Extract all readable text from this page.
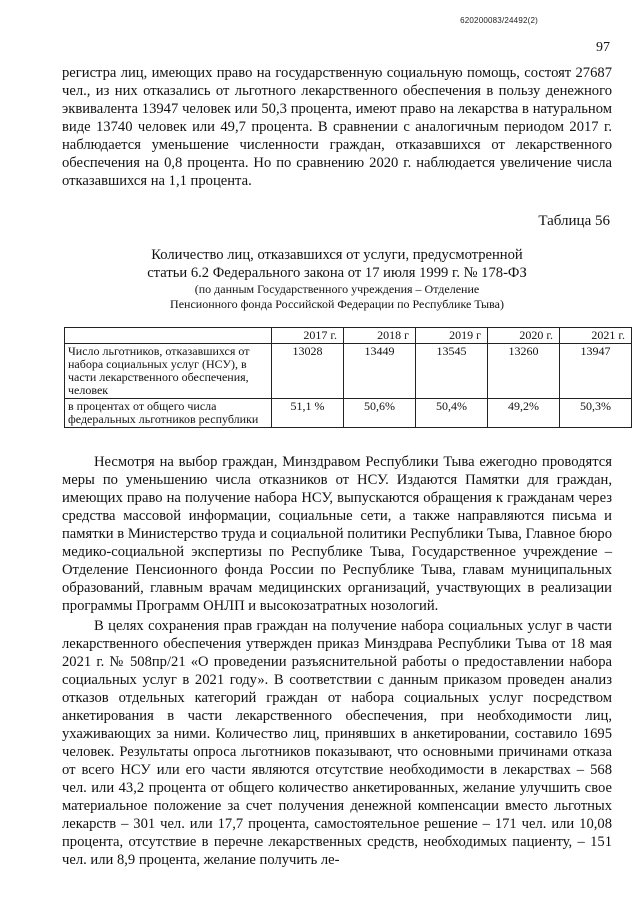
620200083/24492(2)
97

регистра лиц, имеющих право на государственную социальную помощь, состоят 27687 чел., из них отказались от льготного лекарственного обеспечения в пользу денежного эквивалента 13947 человек или 50,3 процента, имеют право на лекарства в натуральном виде 13740 человек или 49,7 процента. В сравнении с аналогичным периодом 2017 г. наблюдается уменьшение численности граждан, отказавшихся от лекарственного обеспечения на 0,8 процента. Но по сравнению 2020 г. наблюдается увеличение числа отказавшихся на 1,1 процента.

Таблица 56

Количество лиц, отказавшихся от услуги, предусмотренной

статьи 6.2 Федерального закона от 17 июля 1999 г. № 178-ФЗ

(по данным Государственного учреждения – Отделение

Пенсионного фонда Российской Федерации по Республике Тыва)

	2017 г.	2018 г	2019 г	2020 г.	2021 г.
Число льготников, отказавшихся от набора социальных услуг (НСУ), в части лекарственного обеспечения, человек	13028	13449	13545	13260	13947
в процентах от общего числа федеральных льготников республики	51,1 %	50,6%	50,4%	49,2%	50,3%

Несмотря на выбор граждан, Минздравом Республики Тыва ежегодно проводятся меры по уменьшению числа отказников от НСУ. Издаются Памятки для граждан, имеющих право на получение набора НСУ, выпускаются обращения к гражданам через средства массовой информации, социальные сети, а также направляются письма и памятки в Министерство труда и социальной политики Республики Тыва, Главное бюро медико-социальной экспертизы по Республике Тыва, Государственное учреждение – Отделение Пенсионного фонда России по Республике Тыва, главам муниципальных образований, главным врачам медицинских организаций, участвующих в реализации программы Программ ОНЛП и высокозатратных нозологий.

В целях сохранения прав граждан на получение набора социальных услуг в части лекарственного обеспечения утвержден приказ Минздрава Республики Тыва от 18 мая 2021 г. № 508пр/21 «О проведении разъяснительной работы о предоставлении набора социальных услуг в 2021 году». В соответствии с данным приказом проведен анализ отказов отдельных категорий граждан от набора социальных услуг посредством анкетирования в части лекарственного обеспечения, при необходимости лиц, ухаживающих за ними. Количество лиц, принявших в анкетировании, составило 1695 человек. Результаты опроса льготников показывают, что основными причинами отказа от всего НСУ или его части являются отсутствие необходимости в лекарствах – 568 чел. или 43,2 процента от общего количество анкетированных, желание улучшить свое материальное положение за счет получения денежной компенсации вместо льготных лекарств – 301 чел. или 17,7 процента, самостоятельное решение – 171 чел. или 10,08 процента, отсутствие в перечне лекарственных средств, необходимых пациенту, – 151 чел. или 8,9 процента, желание получить ле-
